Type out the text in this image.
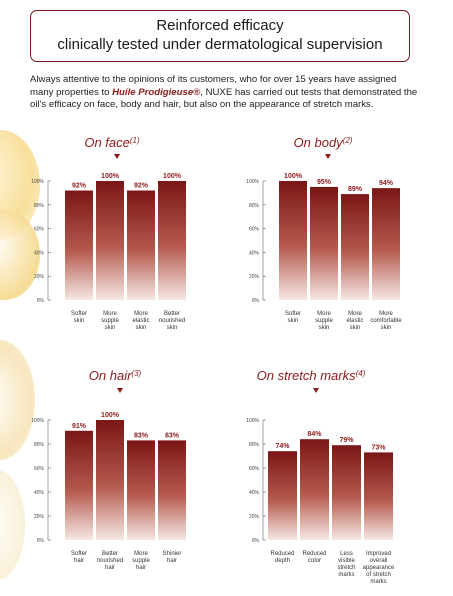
Reinforced efficacy
clinically tested under dermatological supervision
Always attentive to the opinions of its customers, who for over 15 years have assigned many properties to Huile Prodigieuse®, NUXE has carried out tests that demonstrated the oil's efficacy on face, body and hair, but also on the appearance of stretch marks.
On face$^{(1)}$
0%
20%
40%
60%
80%
100%
92%
Softer skin
100%
More supple skin
92%
More elastic skin
100%
Better nourished skin
On body$^{(2)}$
0%
20%
40%
60%
80%
100%
100%
Softer skin
95%
More supple skin
89%
More elastic skin
94%
More comfortable skin
On hair$^{(3)}$
0%
20%
40%
60%
80%
100%
91%
Softer hair
100%
Better nourished hair
83%
More supple hair
83%
Shinier hair
On stretch marks$^{(4)}$
0%
20%
40%
60%
80%
100%
74%
Reduced depth
84%
Reduced color
79%
Less visible stretch marks
73%
Improved overall appearance of stretch marks
